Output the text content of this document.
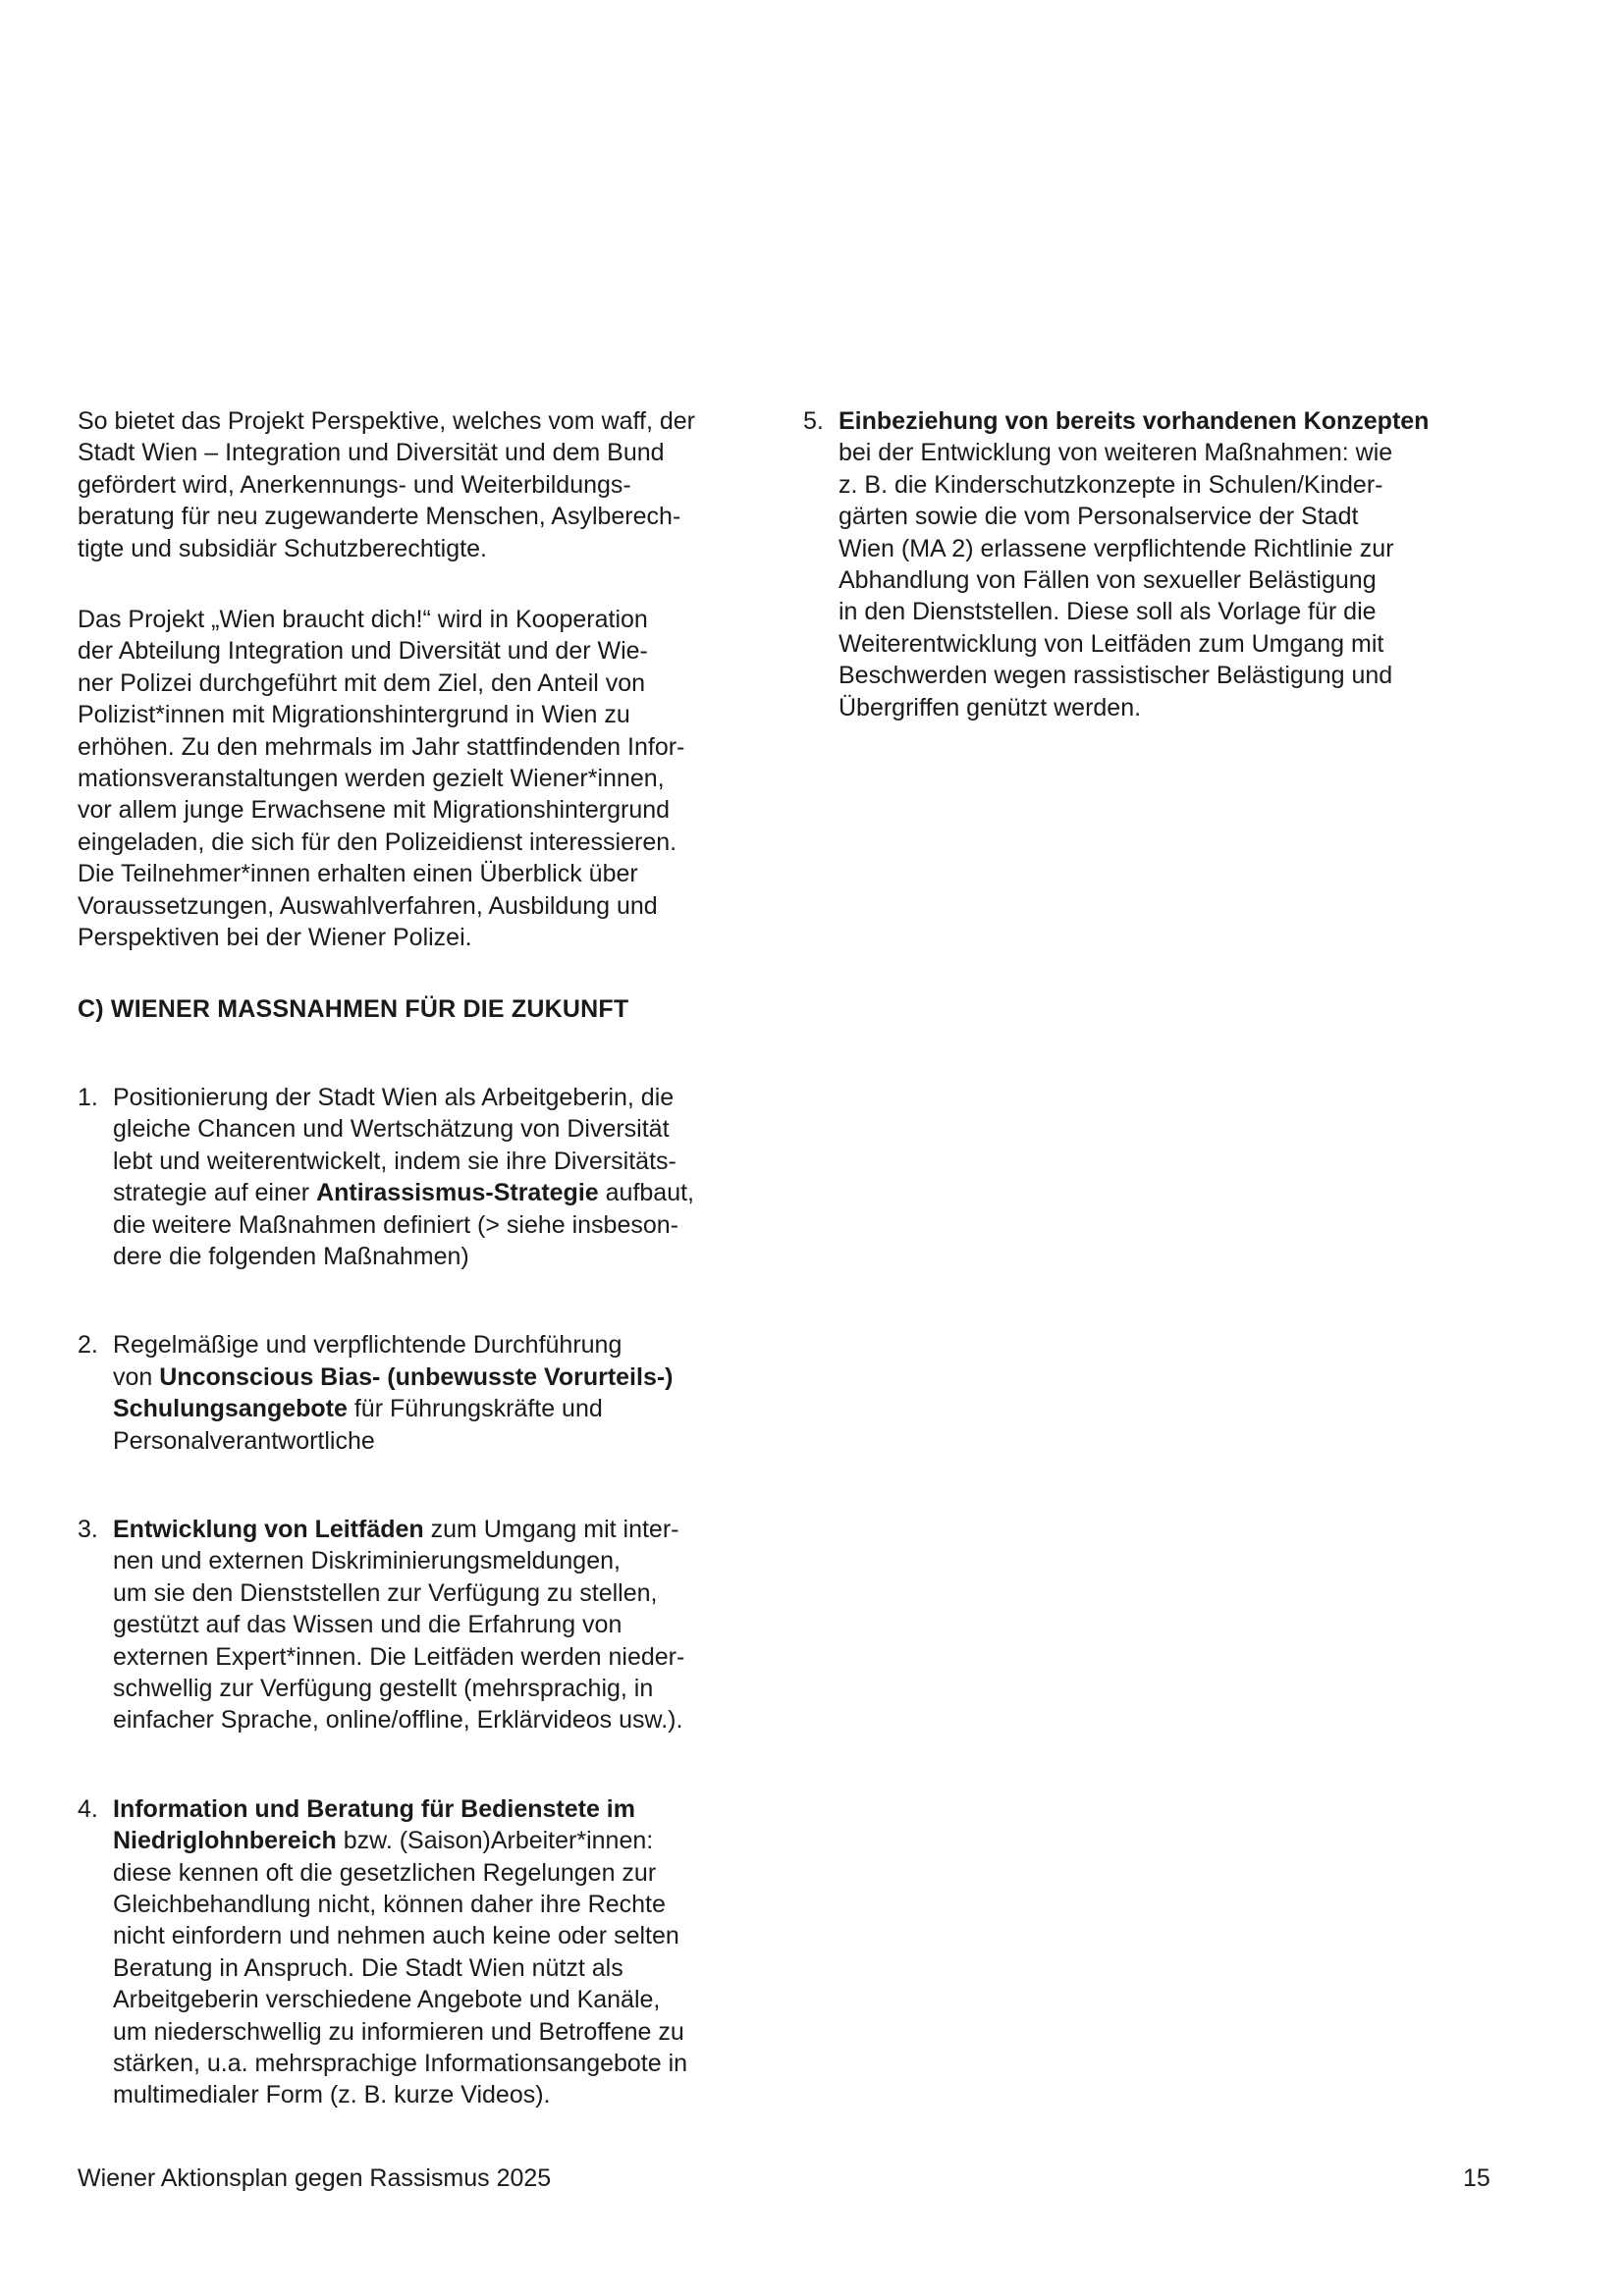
So bietet das Projekt Perspektive, welches vom waff, der
Stadt Wien – Integration und Diversität und dem Bund
gefördert wird, Anerkennungs- und Weiterbildungs-
beratung für neu zugewanderte Menschen, Asylberech-
tigte und subsidiär Schutzberechtigte.

Das Projekt „Wien braucht dich!“ wird in Kooperation
der Abteilung Integration und Diversität und der Wie-
ner Polizei durchgeführt mit dem Ziel, den Anteil von
Polizist*innen mit Migrationshintergrund in Wien zu
erhöhen. Zu den mehrmals im Jahr stattfindenden Infor-
mationsveranstaltungen werden gezielt Wiener*innen,
vor allem junge Erwachsene mit Migrationshintergrund
eingeladen, die sich für den Polizeidienst interessieren.
Die Teilnehmer*innen erhalten einen Überblick über
Voraussetzungen, Auswahlverfahren, Ausbildung und
Perspektiven bei der Wiener Polizei.

C) WIENER MASSNAHMEN FÜR DIE ZUKUNFT
1. Positionierung der Stadt Wien als Arbeitgeberin, die
gleiche Chancen und Wertschätzung von Diversität
lebt und weiterentwickelt, indem sie ihre Diversitäts-
strategie auf einer Antirassismus-Strategie aufbaut,
die weitere Maßnahmen definiert (> siehe insbeson-
dere die folgenden Maßnahmen)
2. Regelmäßige und verpflichtende Durchführung
von Unconscious Bias- (unbewusste Vorurteils-)
Schulungsangebote für Führungskräfte und
Personalverantwortliche
3. Entwicklung von Leitfäden zum Umgang mit inter-
nen und externen Diskriminierungsmeldungen,
um sie den Dienststellen zur Verfügung zu stellen,
gestützt auf das Wissen und die Erfahrung von
externen Expert*innen. Die Leitfäden werden nieder-
schwellig zur Verfügung gestellt (mehrsprachig, in
einfacher Sprache, online/offline, Erklärvideos usw.).
4. Information und Beratung für Bedienstete im
Niedriglohnbereich bzw. (Saison)Arbeiter*innen:
diese kennen oft die gesetzlichen Regelungen zur
Gleichbehandlung nicht, können daher ihre Rechte
nicht einfordern und nehmen auch keine oder selten
Beratung in Anspruch. Die Stadt Wien nützt als
Arbeitgeberin verschiedene Angebote und Kanäle,
um niederschwellig zu informieren und Betroffene zu
stärken, u.a. mehrsprachige Informationsangebote in
multimedialer Form (z. B. kurze Videos).
5. Einbeziehung von bereits vorhandenen Konzepten
bei der Entwicklung von weiteren Maßnahmen: wie
z. B. die Kinderschutzkonzepte in Schulen/Kinder-
gärten sowie die vom Personalservice der Stadt
Wien (MA 2) erlassene verpflichtende Richtlinie zur
Abhandlung von Fällen von sexueller Belästigung
in den Dienststellen. Diese soll als Vorlage für die
Weiterentwicklung von Leitfäden zum Umgang mit
Beschwerden wegen rassistischer Belästigung und
Übergriffen genützt werden.
Wiener Aktionsplan gegen Rassismus 2025	15
